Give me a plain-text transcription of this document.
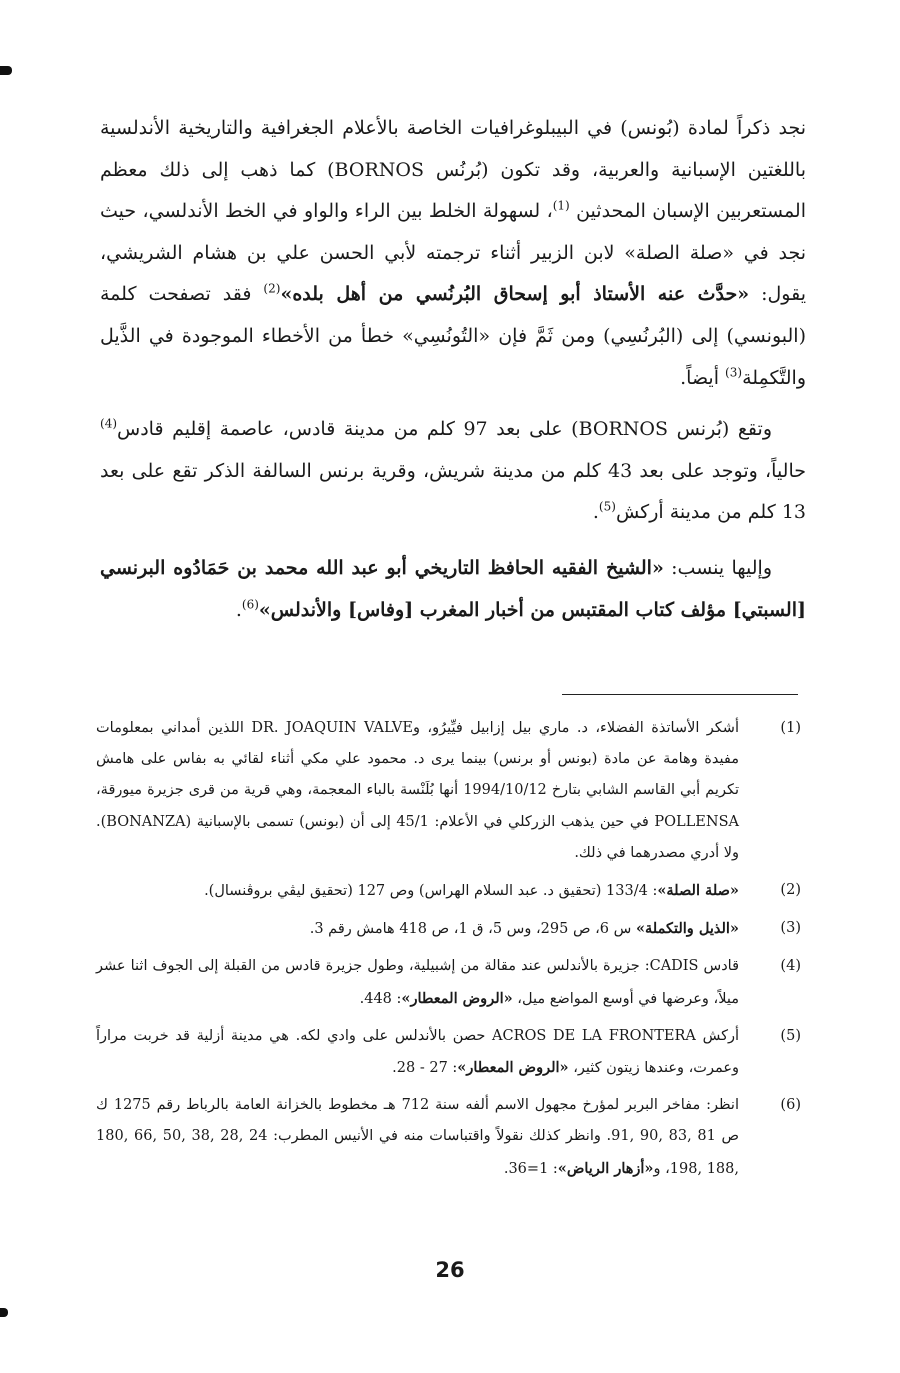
نجد ذكراً لمادة (بُونس) في البيبلوغرافيات الخاصة بالأعلام الجغرافية والتاريخية الأندلسية باللغتين الإسبانية والعربية، وقد تكون (بُرنُس BORNOS) كما ذهب إلى ذلك معظم المستعربين الإسبان المحدثين $^{(1)}$، لسهولة الخلط بين الراء والواو في الخط الأندلسي، حيث نجد في «صلة الصلة» لابن الزبير أثناء ترجمته لأبي الحسن علي بن هشام الشريشي، يقول: «حدَّث عنه الأستاذ أبو إسحاق البُرنُسي من أهل بلده»$^{(2)}$ فقد تصفحت كلمة (البونسي) إلى (البُرنُسِي) ومن ثَمَّ فإن «التُونُسِي» خطأ من الأخطاء الموجودة في الذَّيل والتَّكمِلة$^{(3)}$ أيضاً.

وتقع (بُرنس BORNOS) على بعد 97 كلم من مدينة قادس، عاصمة إقليم قادس$^{(4)}$ حالياً، وتوجد على بعد 43 كلم من مدينة شريش، وقرية برنس السالفة الذكر تقع على بعد 13 كلم من مدينة أركش$^{(5)}$.

وإليها ينسب: «الشيخ الفقيه الحافظ التاريخي أبو عبد الله محمد بن حَمَادُوه البرنسي [السبتي] مؤلف كتاب المقتبس من أخبار المغرب [وفاس] والأندلس»$^{(6)}$.

(1)
أشكر الأساتذة الفضلاء، د. ماري بيل إزابيل فيِّيرُو، وDR. JOAQUIN VALVE اللذين أمداني بمعلومات مفيدة وهامة عن مادة (بونس أو برنس) بينما يرى د. محمود علي مكي أثناء لقائي به بفاس على هامش تكريم أبي القاسم الشابي بتارخ 1994/10/12 أنها بُلَنْسة بالباء المعجمة، وهي قرية من قرى جزيرة ميورقة، POLLENSA في حين يذهب الزركلي في الأعلام: 45/1 إلى أن (بونس) تسمى بالإسبانية (BONANZA). ولا أدري مصدرهما في ذلك.
(2)
«صلة الصلة»: 133/4 (تحقيق د. عبد السلام الهراس) وص 127 (تحقيق ليڤي بروڤنسال).
(3)
«الذيل والتكملة» س 6، ص 295، وس 5، ق 1، ص 418 هامش رقم 3.
(4)
قادس CADIS: جزيرة بالأندلس عند مقالة من إشبيلية، وطول جزيرة قادس من القبلة إلى الجوف اثنا عشر ميلاً، وعرضها في أوسع المواضع ميل، «الروض المعطار»: 448.
(5)
أركش ACROS DE LA FRONTERA حصن بالأندلس على وادي لكه. هي مدينة أزلية قد خربت مراراً وعمرت، وعندها زيتون كثير، «الروض المعطار»: 27 - 28.
(6)
انظر: مفاخر البربر لمؤرخ مجهول الاسم ألفه سنة 712 هـ مخطوط بالخزانة العامة بالرباط رقم 1275 ك ص 81 ,83 ,90 ,91. وانظر كذلك نقولاً واقتباسات منه في الأنيس المطرب: 24 ,28 ,38 ,50 ,66 ,180 ,188 ,198، و«أزهار الرياض»: 1=36.
26
